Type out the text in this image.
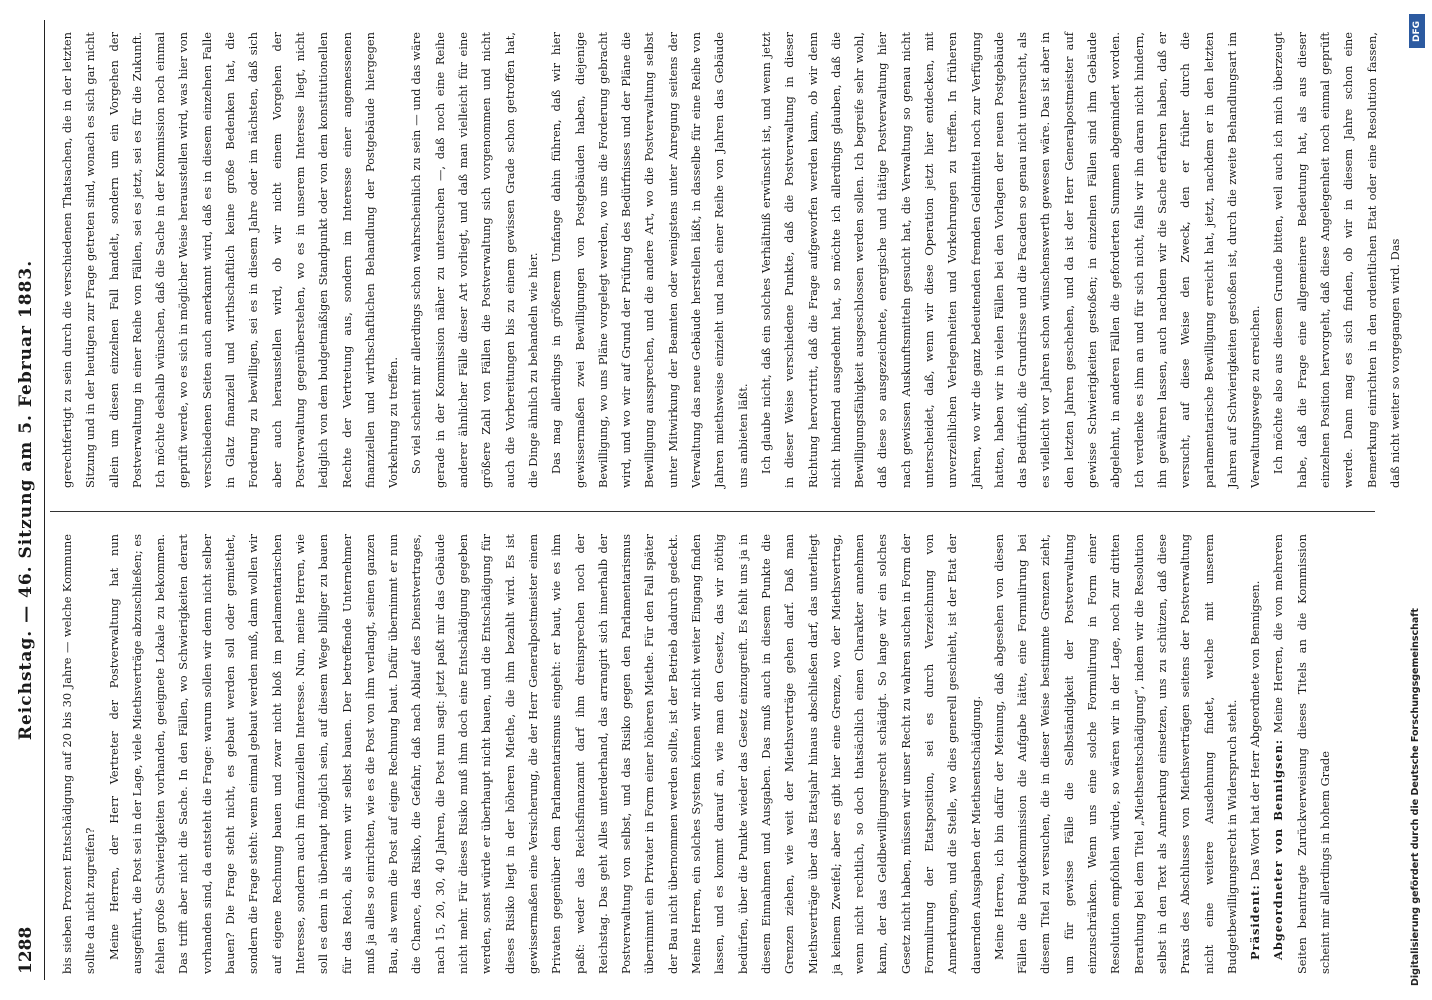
1288
Reichstag. — 46. Sitzung am 5. Februar 1883.

bis sieben Prozent Entschädigung auf 20 bis 30 Jahre — welche Kommune sollte da nicht zugreifen? Meine Herren, der Herr Vertreter der Postverwaltung hat nun ausgeführt, die Post sei in der Lage, viele Miethsverträge abzuschließen; es fehlen große Schwierigkeiten vorhanden, geeignete Lokale zu bekommen. Das trifft aber nicht die Sache. In den Fällen, wo Schwierigkeiten derart vorhanden sind, da entsteht die Frage: warum sollen wir denn nicht selber bauen? Die Frage steht nicht, es gebaut werden soll oder gemiethet, sondern die Frage steht: wenn einmal gebaut werden muß, dann wollen wir auf eigene Rechnung bauen und zwar nicht bloß im parlamentarischen Interesse, sondern auch im finanziellen Interesse. Nun, meine Herren, wie soll es denn in überhaupt möglich sein, auf diesem Wege billiger zu bauen für das Reich, als wenn wir selbst bauen. Der betreffende Unternehmer muß ja alles so einrichten, wie es die Post von ihm verlangt, seinen ganzen Bau, als wenn die Post auf eigne Rechnung baut. Dafür übernimmt er nun die Chance, das Risiko, die Gefahr, daß nach Ablauf des Dienstvertrages, nach 15, 20, 30, 40 Jahren, die Post nun sagt: jetzt paßt mir das Gebäude nicht mehr. Für dieses Risiko muß ihm doch eine Entschädigung gegeben werden, sonst würde er überhaupt nicht bauen, und die Entschädigung für dieses Risiko liegt in der höheren Miethe, die ihm bezahlt wird. Es ist gewissermaßen eine Versicherung, die der Herr Generalpostmeister einem Privaten gegenüber dem Parlamentarismus eingeht: er baut, wie es ihm paßt: weder das Reichsfinanzamt darf ihm dreinsprechen noch der Reichstag. Das geht Alles unterderhand, das arrangirt sich innerhalb der Postverwaltung von selbst, und das Risiko gegen den Parlamentarismus übernimmt ein Privater in Form einer höheren Miethe. Für den Fall später der Bau nicht übernommen werden sollte, ist der Betrieb dadurch gedeckt. Meine Herren, ein solches System können wir nicht weiter Eingang finden lassen, und es kommt darauf an, wie man den Gesetz, das wir nöthig bedürfen, über die Punkte wieder das Gesetz einzugreift. Es fehlt uns ja in diesem Einnahmen und Ausgaben. Das muß auch in diesem Punkte die Grenzen ziehen, wie weit der Miethsverträge gehen darf. Daß man Miethsverträge über das Etatsjahr hinaus abschließen darf, das unterliegt ja keinem Zweifel; aber es gibt hier eine Grenze, wo der Miethsvertrag, wenn nicht rechtlich, so doch thatsächlich einen Charakter annehmen kann, der das Geldbewilligungsrecht schädigt. So lange wir ein solches Gesetz nicht haben, müssen wir unser Recht zu wahren suchen in Form der Formulirung der Etatsposition, sei es durch Verzeichnung von Anmerkungen, und die Stelle, wo dies generell geschieht, ist der Etat der dauernden Ausgaben der Miethsentschädigung. Meine Herren, ich bin dafür der Meinung, daß abgesehen von diesen Fällen die Budgetkommission die Aufgabe hätte, eine Formulirung bei diesem Titel zu versuchen, die in dieser Weise bestimmte Grenzen zieht, um für gewisse Fälle die Selbständigkeit der Postverwaltung einzuschränken. Wenn uns eine solche Formulirung in Form einer Resolution empfohlen würde, so wären wir in der Lage, noch zur dritten Berathung bei dem Titel „Miethsentschädigung“, indem wir die Resolution selbst in den Text als Anmerkung einsetzen, uns zu schützen, daß diese Praxis des Abschlusses von Miethsverträgen seitens der Postverwaltung nicht eine weitere Ausdehnung findet, welche mit unserem Budgetbewilligungsrecht in Widerspruch steht. Präsident: Das Wort hat der Herr Abgeordnete von Bennigsen. Abgeordneter von Bennigsen: Meine Herren, die von mehreren Seiten beantragte Zurückverweisung dieses Titels an die Kommission scheint mir allerdings in hohem Grade

gerechtfertigt zu sein durch die verschiedenen Thatsachen, die in der letzten Sitzung und in der heutigen zur Frage getreten sind, wonach es sich gar nicht allein um diesen einzelnen Fall handelt, sondern um ein Vorgehen der Postverwaltung in einer Reihe von Fällen, sei es jetzt, sei es für die Zukunft. Ich möchte deshalb wünschen, daß die Sache in der Kommission noch einmal geprüft werde, wo es sich in möglicher Weise herausstellen wird, was hier von verschiedenen Seiten auch anerkannt wird, daß es in diesem einzelnen Falle in Glatz finanziell und wirthschaftlich keine große Bedenken hat, die Forderung zu bewilligen, sei es in diesem Jahre oder im nächsten, daß sich aber auch herausstellen wird, ob wir nicht einem Vorgehen der Postverwaltung gegenüberstehen, wo es in unserem Interesse liegt, nicht lediglich von dem budgetmäßigen Standpunkt oder von dem konstitutionellen Rechte der Vertretung aus, sondern im Interesse einer angemessenen finanziellen und wirthschaftlichen Behandlung der Postgebäude hiergegen Vorkehrung zu treffen. So viel scheint mir allerdings schon wahrscheinlich zu sein — und das wäre gerade in der Kommission näher zu untersuchen —, daß noch eine Reihe anderer ähnlicher Fälle dieser Art vorliegt, und daß man vielleicht für eine größere Zahl von Fällen die Postverwaltung sich vorgenommen und nicht auch die Vorbereitungen bis zu einem gewissen Grade schon getroffen hat, die Dinge ähnlich zu behandeln wie hier. Das mag allerdings in größerem Umfange dahin führen, daß wir hier gewissermaßen zwei Bewilligungen von Postgebäuden haben, diejenige Bewilligung, wo uns Pläne vorgelegt werden, wo uns die Forderung gebracht wird, und wo wir auf Grund der Prüfung des Bedürfnisses und der Pläne die Bewilligung aussprechen, und die andere Art, wo die Postverwaltung selbst unter Mitwirkung der Beamten oder wenigstens unter Anregung seitens der Verwaltung das neue Gebäude herstellen läßt, in dasselbe für eine Reihe von Jahren miethsweise einzieht und nach einer Reihe von Jahren das Gebäude uns anbieten läßt. Ich glaube nicht, daß ein solches Verhältniß erwünscht ist, und wenn jetzt in dieser Weise verschiedene Punkte, daß die Postverwaltung in dieser Richtung hervortritt, daß die Frage aufgeworfen werden kann, ob wir denn nicht hindernd ausgedehnt hat, so möchte ich allerdings glauben, daß die Bewilligungsfähigkeit ausgeschlossen werden sollen. Ich begreife sehr wohl, daß diese so ausgezeichnete, energische und thätige Postverwaltung hier nach gewissen Auskunftsmitteln gesucht hat, die Verwaltung so genau nicht unterscheidet, daß, wenn wir diese Operation jetzt hier entdecken, mit unverzeihlichen Verlegenheiten und Vorkehrungen zu treffen. In früheren Jahren, wo wir die ganz bedeutenden fremden Geldmittel noch zur Verfügung hatten, haben wir in vielen Fällen bei den Vorlagen der neuen Postgebäude das Bedürfniß, die Grundrisse und die Facaden so genau nicht untersucht, als es vielleicht vor Jahren schon wünschenswerth gewesen wäre. Das ist aber in den letzten Jahren geschehen, und da ist der Herr Generalpostmeister auf gewisse Schwierigkeiten gestoßen; in einzelnen Fällen sind ihm Gebäude abgelehnt, in anderen Fällen die geforderten Summen abgemindert worden. Ich verdenke es ihm an und für sich nicht, falls wir ihn daran nicht hindern, ihn gewähren lassen, auch nachdem wir die Sache erfahren haben, daß er versucht, auf diese Weise den Zweck, den er früher durch die parlamentarische Bewilligung erreicht hat, jetzt, nachdem er in den letzten Jahren auf Schwierigkeiten gestoßen ist, durch die zweite Behandlungsart im Verwaltungswege zu erreichen. Ich möchte also aus diesem Grunde bitten, weil auch ich mich überzeugt habe, daß die Frage eine allgemeinere Bedeutung hat, als aus dieser einzelnen Position hervorgeht, daß diese Angelegenheit noch einmal geprüft werde. Dann mag es sich finden, ob wir in diesem Jahre schon eine Bemerkung einrichten in den ordentlichen Etat oder eine Resolution fassen, daß nicht weiter so vorgegangen wird. Das

DFG
Digitalisierung gefördert durch die Deutsche Forschungsgemeinschaft
